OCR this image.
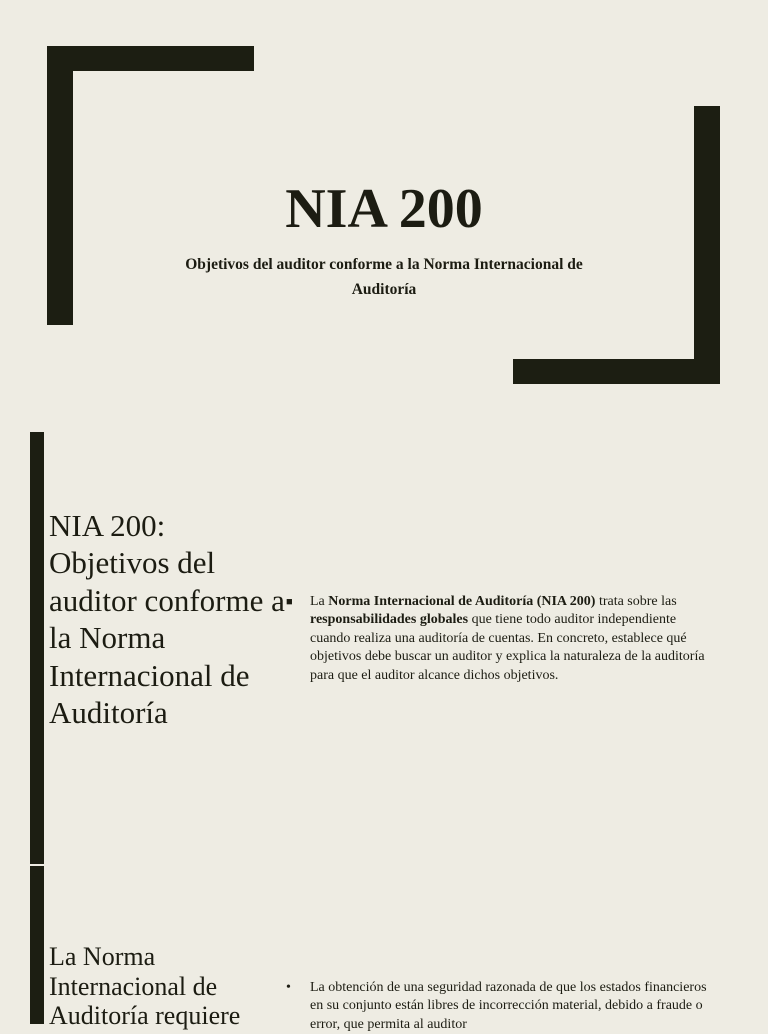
NIA 200

Objetivos del auditor conforme a la Norma Internacional de Auditoría

NIA 200: Objetivos del auditor conforme a la Norma Internacional de Auditoría
■	La Norma Internacional de Auditoría (NIA 200) trata sobre las responsabilidades globales que tiene todo auditor independiente cuando realiza una auditoría de cuentas. En concreto, establece qué objetivos debe buscar un auditor y explica la naturaleza de la auditoría para que el auditor alcance dichos objetivos.
La Norma
Internacional de
Auditoría requiere
•	La obtención de una seguridad razonada de que los estados financieros en su conjunto están libres de incorrección material, debido a fraude o error, que permita al auditor
